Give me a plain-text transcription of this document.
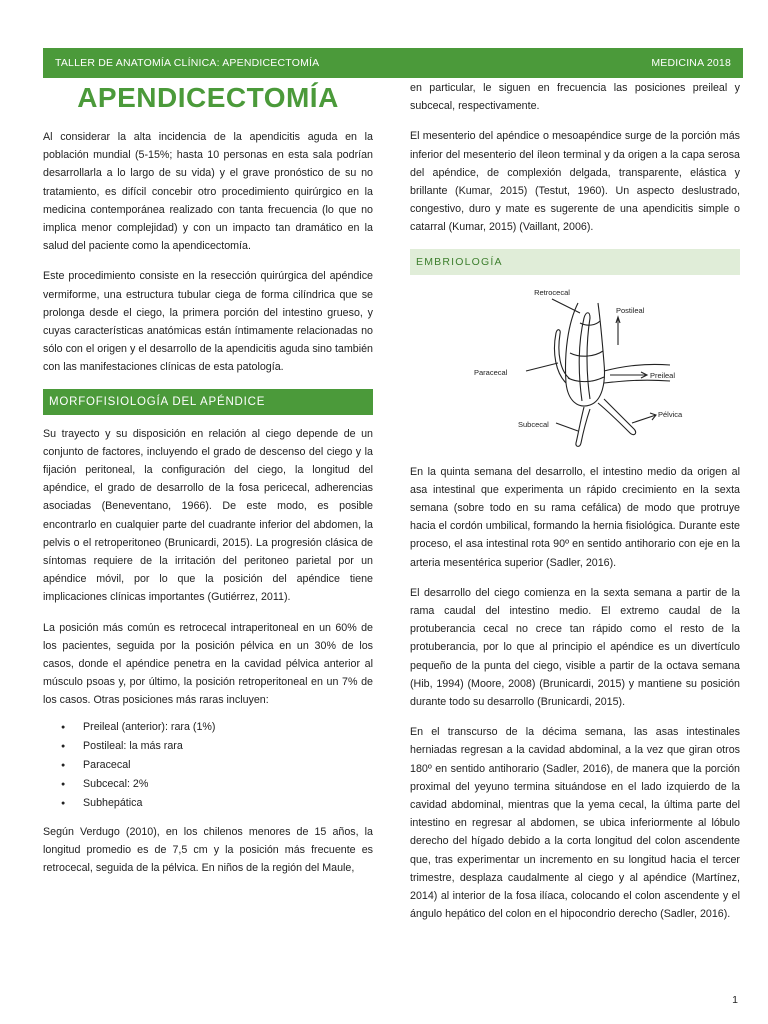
TALLER DE ANATOMÍA CLÍNICA: APENDICECTOMÍA	MEDICINA 2018
APENDICECTOMÍA

Al considerar la alta incidencia de la apendicitis aguda en la población mundial (5-15%; hasta 10 personas en esta sala podrían desarrollarla a lo largo de su vida) y el grave pronóstico de su no tratamiento, es difícil concebir otro procedimiento quirúrgico en la medicina contemporánea realizado con tanta frecuencia (lo que no implica menor complejidad) y con un impacto tan dramático en la salud del paciente como la apendicectomía.

Este procedimiento consiste en la resección quirúrgica del apéndice vermiforme, una estructura tubular ciega de forma cilíndrica que se prolonga desde el ciego, la primera porción del intestino grueso, y cuyas características anatómicas están íntimamente relacionadas no sólo con el origen y el desarrollo de la apendicitis aguda sino también con las manifestaciones clínicas de esta patología.

MORFOFISIOLOGÍA DEL APÉNDICE

Su trayecto y su disposición en relación al ciego depende de un conjunto de factores, incluyendo el grado de descenso del ciego y la fijación peritoneal, la configuración del ciego, la longitud del apéndice, el grado de desarrollo de la fosa pericecal, adherencias asociadas (Beneventano, 1966). De este modo, es posible encontrarlo en cualquier parte del cuadrante inferior del abdomen, la pelvis o el retroperitoneo (Brunicardi, 2015). La progresión clásica de síntomas requiere de la irritación del peritoneo parietal por un apéndice móvil, por lo que la posición del apéndice tiene implicaciones clínicas importantes (Gutiérrez, 2011).

La posición más común es retrocecal intraperitoneal en un 60% de los pacientes, seguida por la posición pélvica en un 30% de los casos, donde el apéndice penetra en la cavidad pélvica anterior al músculo psoas y, por último, la posición retroperitoneal en un 7% de los casos. Otras posiciones más raras incluyen:

● Preileal (anterior): rara (1%)
● Postileal: la más rara
● Paracecal
● Subcecal: 2%
● Subhepática

Según Verdugo (2010), en los chilenos menores de 15 años, la longitud promedio es de 7,5 cm y la posición más frecuente es retrocecal, seguida de la pélvica. En niños de la región del Maule,

en particular, le siguen en frecuencia las posiciones preileal y subcecal, respectivamente.

El mesenterio del apéndice o mesoapéndice surge de la porción más inferior del mesenterio del íleon terminal y da origen a la capa serosa del apéndice, de complexión delgada, transparente, elástica y brillante (Kumar, 2015) (Testut, 1960). Un aspecto deslustrado, congestivo, duro y mate es sugerente de una apendicitis simple o catarral (Kumar, 2015) (Vaillant, 2006).

EMBRIOLOGÍA
Retrocecal
Postileal
Paracecal	Preileal
Pélvica
Subcecal

En la quinta semana del desarrollo, el intestino medio da origen al asa intestinal que experimenta un rápido crecimiento en la sexta semana (sobre todo en su rama cefálica) de modo que protruye hacia el cordón umbilical, formando la hernia fisiológica. Durante este proceso, el asa intestinal rota 90º en sentido antihorario con eje en la arteria mesentérica superior (Sadler, 2016).

El desarrollo del ciego comienza en la sexta semana a partir de la rama caudal del intestino medio. El extremo caudal de la protuberancia cecal no crece tan rápido como el resto de la protuberancia, por lo que al principio el apéndice es un divertículo pequeño de la punta del ciego, visible a partir de la octava semana (Hib, 1994) (Moore, 2008) (Brunicardi, 2015) y mantiene su posición durante todo su desarrollo (Brunicardi, 2015).

En el transcurso de la décima semana, las asas intestinales herniadas regresan a la cavidad abdominal, a la vez que giran otros 180º en sentido antihorario (Sadler, 2016), de manera que la porción proximal del yeyuno termina situándose en el lado izquierdo de la cavidad abdominal, mientras que la yema cecal, la última parte del intestino en regresar al abdomen, se ubica inferiormente al lóbulo derecho del hígado debido a la corta longitud del colon ascendente que, tras experimentar un incremento en su longitud hacia el tercer trimestre, desplaza caudalmente al ciego y al apéndice (Martínez, 2014) al interior de la fosa ilíaca, colocando el colon ascendente y el ángulo hepático del colon en el hipocondrio derecho (Sadler, 2016).

1
